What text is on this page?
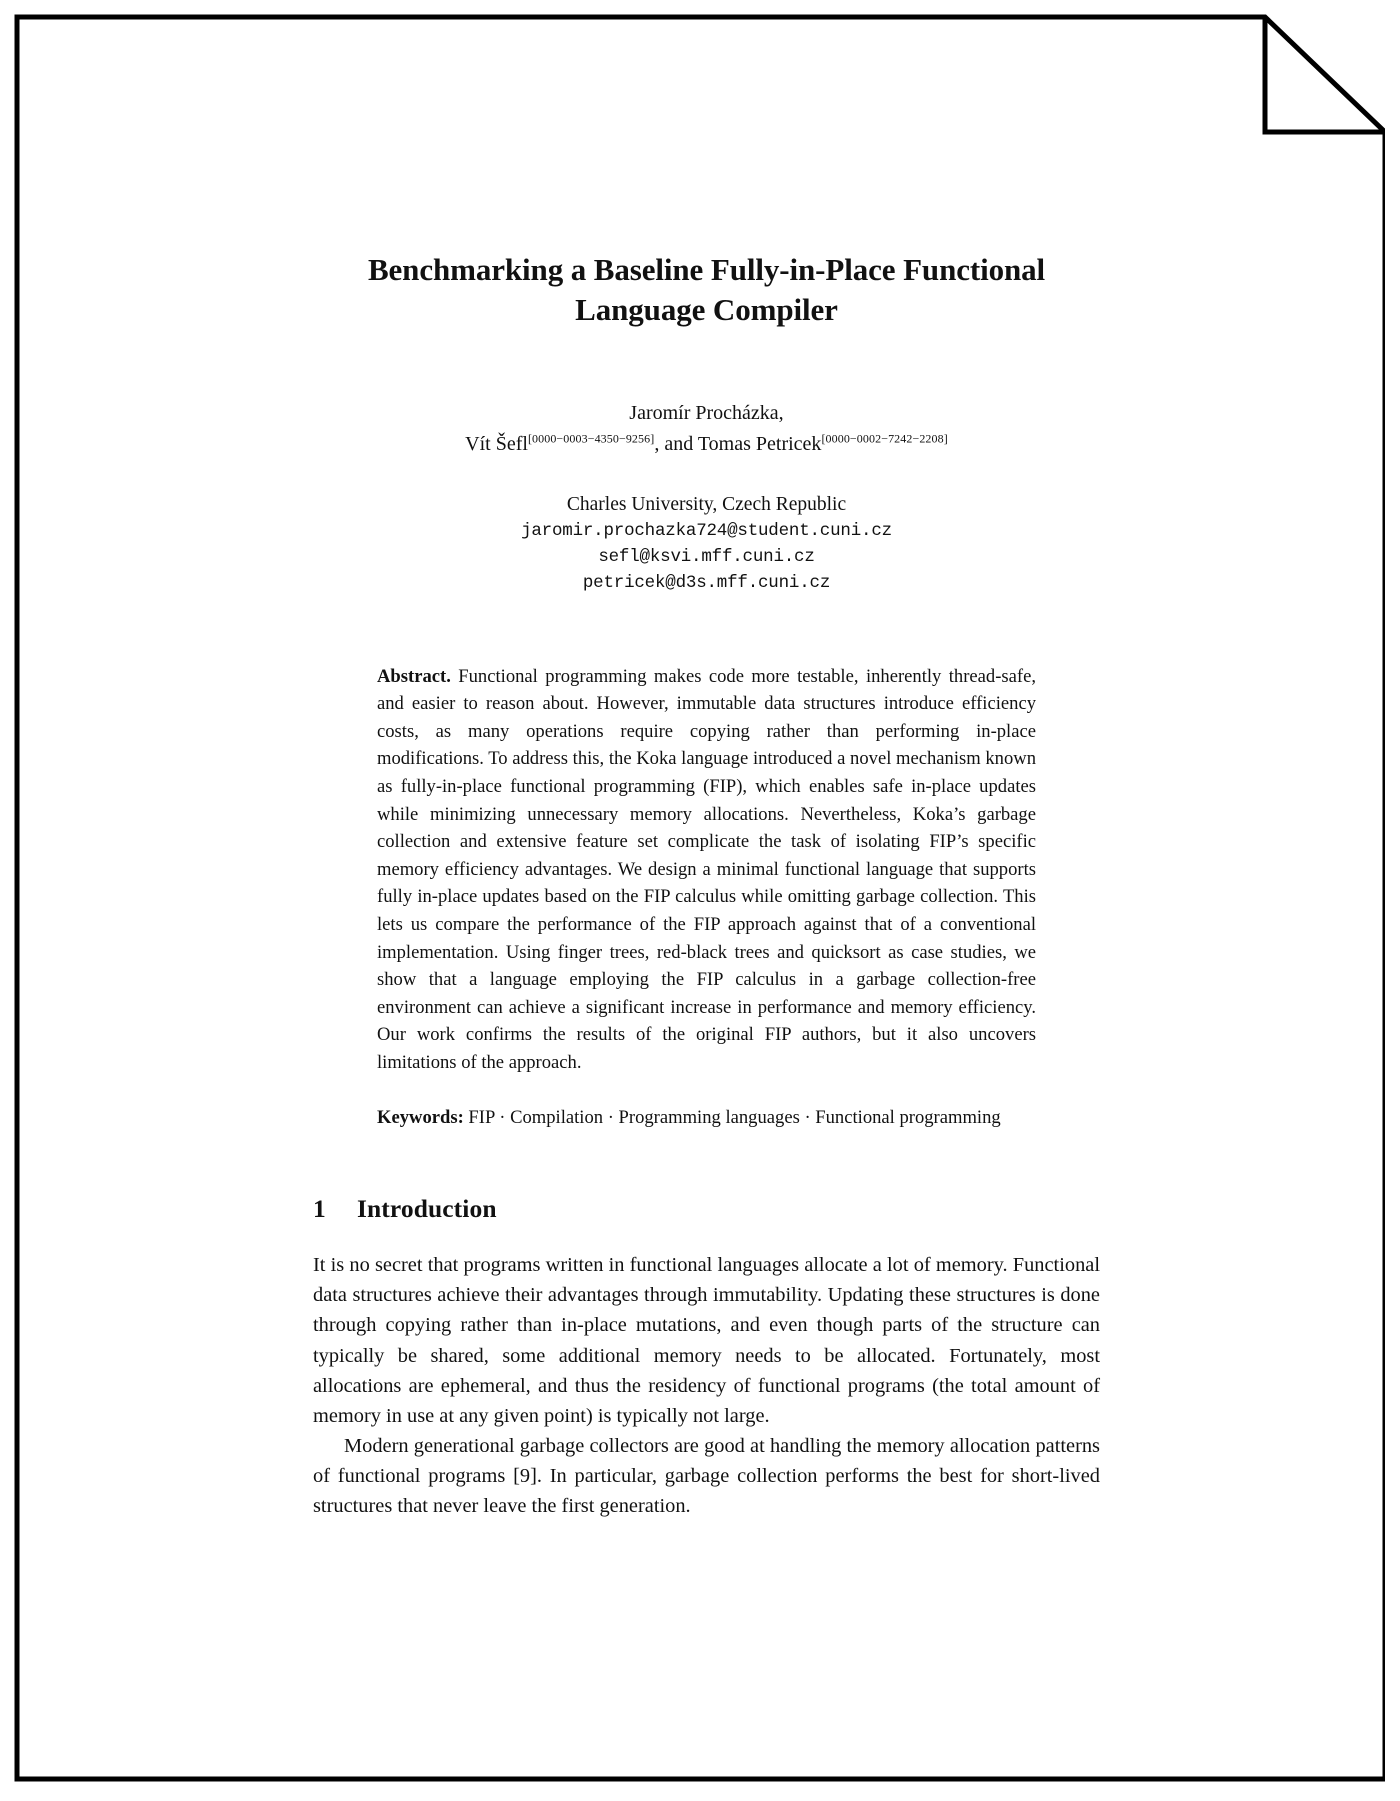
Benchmarking a Baseline Fully-in-Place Functional Language Compiler
Jaromír Procházka,
Vít Šefl[0000−0003−4350−9256], and Tomas Petricek[0000−0002−7242−2208]
Charles University, Czech Republic
jaromir.prochazka724@student.cuni.cz
sefl@ksvi.mff.cuni.cz
petricek@d3s.mff.cuni.cz

Abstract. Functional programming makes code more testable, inherently thread-safe, and easier to reason about. However, immutable data structures introduce efficiency costs, as many operations require copying rather than performing in-place modifications. To address this, the Koka language introduced a novel mechanism known as fully-in-place functional programming (FIP), which enables safe in-place updates while minimizing unnecessary memory allocations. Nevertheless, Koka’s garbage collection and extensive feature set complicate the task of isolating FIP’s specific memory efficiency advantages. We design a minimal functional language that supports fully in-place updates based on the FIP calculus while omitting garbage collection. This lets us compare the performance of the FIP approach against that of a conventional implementation. Using finger trees, red-black trees and quicksort as case studies, we show that a language employing the FIP calculus in a garbage collection-free environment can achieve a significant increase in performance and memory efficiency. Our work confirms the results of the original FIP authors, but it also uncovers limitations of the approach.

Keywords: FIP · Compilation · Programming languages · Functional programming

1 Introduction

It is no secret that programs written in functional languages allocate a lot of memory. Functional data structures achieve their advantages through immutability. Updating these structures is done through copying rather than in-place mutations, and even though parts of the structure can typically be shared, some additional memory needs to be allocated. Fortunately, most allocations are ephemeral, and thus the residency of functional programs (the total amount of memory in use at any given point) is typically not large.

Modern generational garbage collectors are good at handling the memory allocation patterns of functional programs [9]. In particular, garbage collection performs the best for short-lived structures that never leave the first generation.
